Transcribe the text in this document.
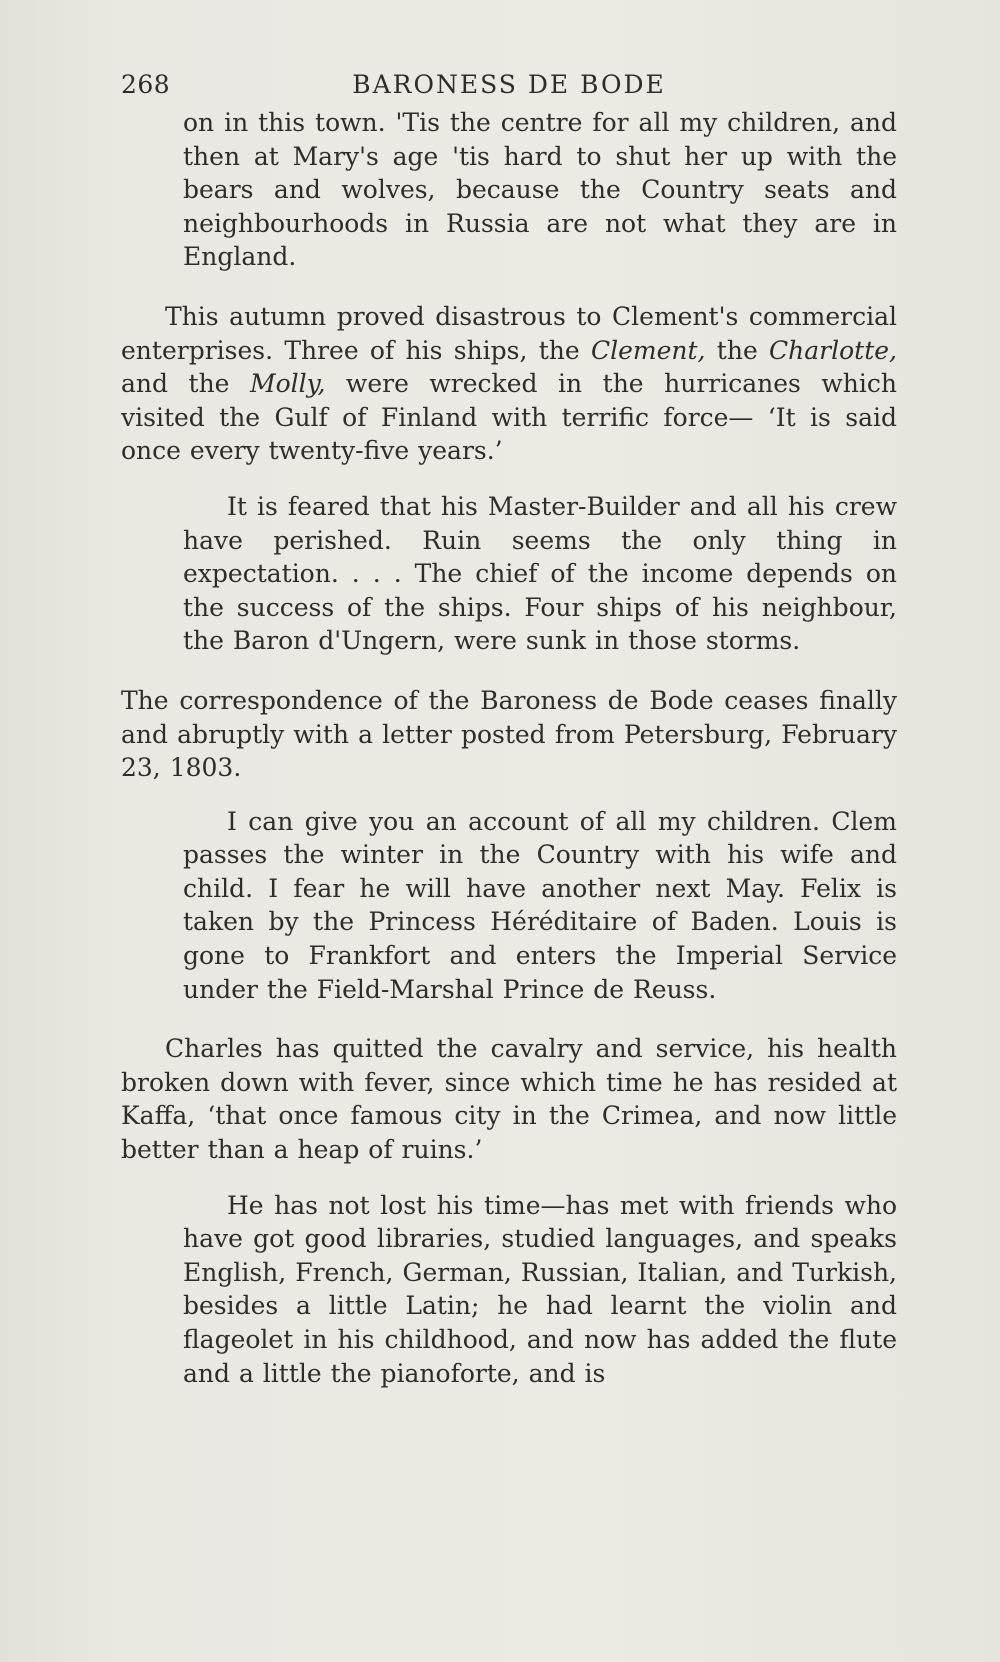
268	BARONESS DE BODE

on in this town. 'Tis the centre for all my children, and then at Mary's age 'tis hard to shut her up with the bears and wolves, because the Country seats and neighbourhoods in Russia are not what they are in England.

This autumn proved disastrous to Clement's commercial enterprises. Three of his ships, the Clement, the Charlotte, and the Molly, were wrecked in the hurricanes which visited the Gulf of Finland with terrific force— ‘It is said once every twenty-five years.’

It is feared that his Master-Builder and all his crew have perished. Ruin seems the only thing in expectation. . . . The chief of the income depends on the success of the ships. Four ships of his neighbour, the Baron d'Ungern, were sunk in those storms.

The correspondence of the Baroness de Bode ceases finally and abruptly with a letter posted from Petersburg, February 23, 1803.

I can give you an account of all my children. Clem passes the winter in the Country with his wife and child. I fear he will have another next May. Felix is taken by the Princess Héréditaire of Baden. Louis is gone to Frankfort and enters the Imperial Service under the Field-Marshal Prince de Reuss.

Charles has quitted the cavalry and service, his health broken down with fever, since which time he has resided at Kaffa, ‘that once famous city in the Crimea, and now little better than a heap of ruins.’

He has not lost his time—has met with friends who have got good libraries, studied languages, and speaks English, French, German, Russian, Italian, and Turkish, besides a little Latin; he had learnt the violin and flageolet in his childhood, and now has added the flute and a little the pianoforte, and is
